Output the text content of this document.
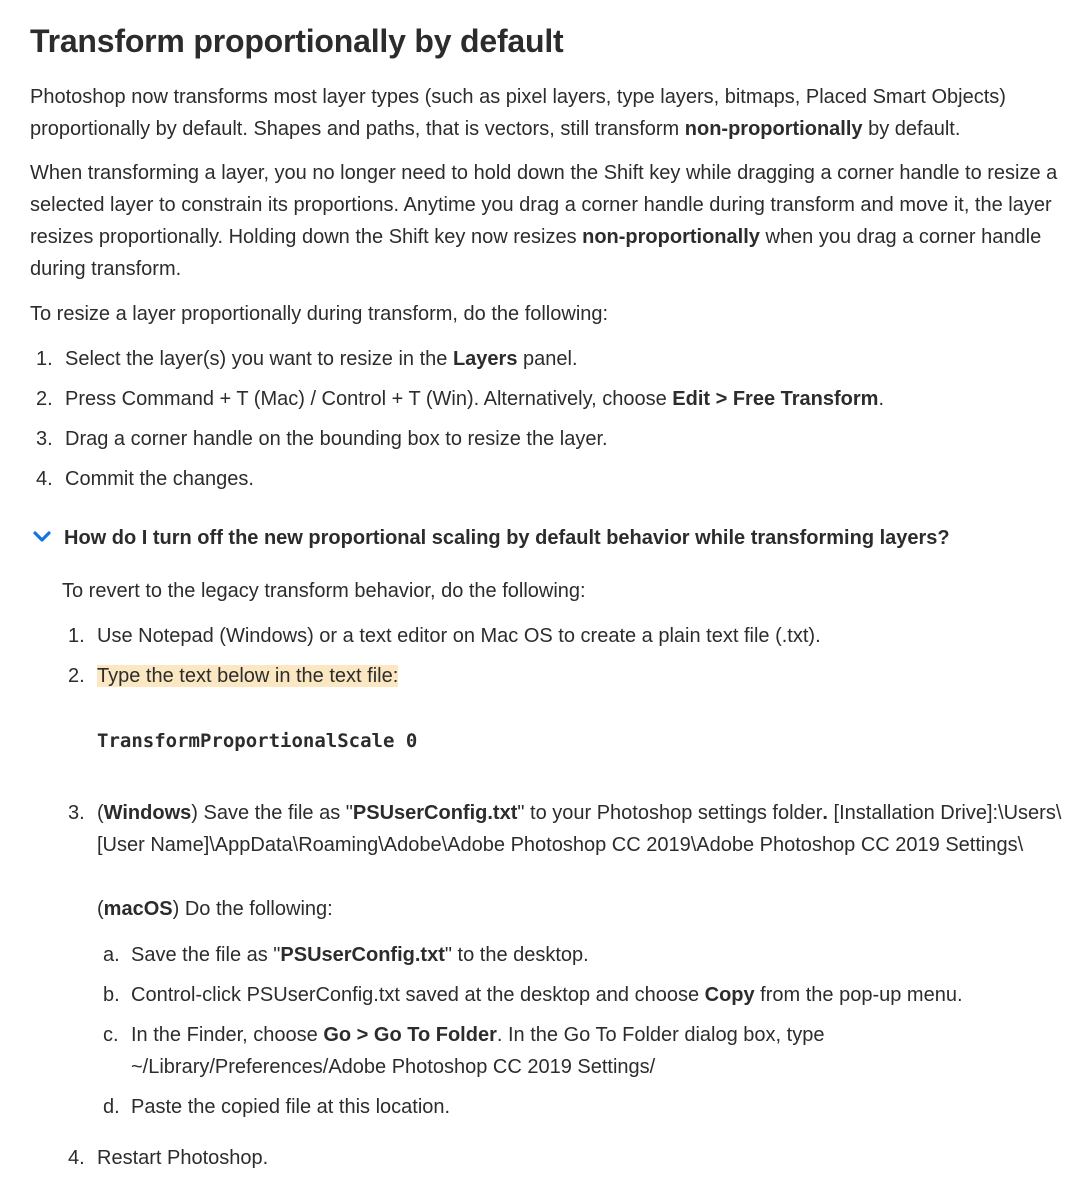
Transform proportionally by default

Photoshop now transforms most layer types (such as pixel layers, type layers, bitmaps, Placed Smart Objects)
proportionally by default. Shapes and paths, that is vectors, still transform non-proportionally by default.

When transforming a layer, you no longer need to hold down the Shift key while dragging a corner handle to resize a
selected layer to constrain its proportions. Anytime you drag a corner handle during transform and move it, the layer
resizes proportionally. Holding down the Shift key now resizes non-proportionally when you drag a corner handle
during transform.

To resize a layer proportionally during transform, do the following:

1. Select the layer(s) you want to resize in the Layers panel.
2. Press Command + T (Mac) / Control + T (Win). Alternatively, choose Edit > Free Transform.
3. Drag a corner handle on the bounding box to resize the layer.
4. Commit the changes.
How do I turn off the new proportional scaling by default behavior while transforming layers?

To revert to the legacy transform behavior, do the following:

1. Use Notepad (Windows) or a text editor on Mac OS to create a plain text file (.txt).
2. Type the text below in the text file:
TransformProportionalScale 0
3. (Windows) Save the file as "PSUserConfig.txt" to your Photoshop settings folder. [Installation Drive]:\Users\
[User Name]\AppData\Roaming\Adobe\Adobe Photoshop CC 2019\Adobe Photoshop CC 2019 Settings\

(macOS) Do the following:

a. Save the file as "PSUserConfig.txt" to the desktop.
b. Control-click PSUserConfig.txt saved at the desktop and choose Copy from the pop-up menu.
c. In the Finder, choose Go > Go To Folder. In the Go To Folder dialog box, type
~/Library/Preferences/Adobe Photoshop CC 2019 Settings/
d. Paste the copied file at this location.
4. Restart Photoshop.
